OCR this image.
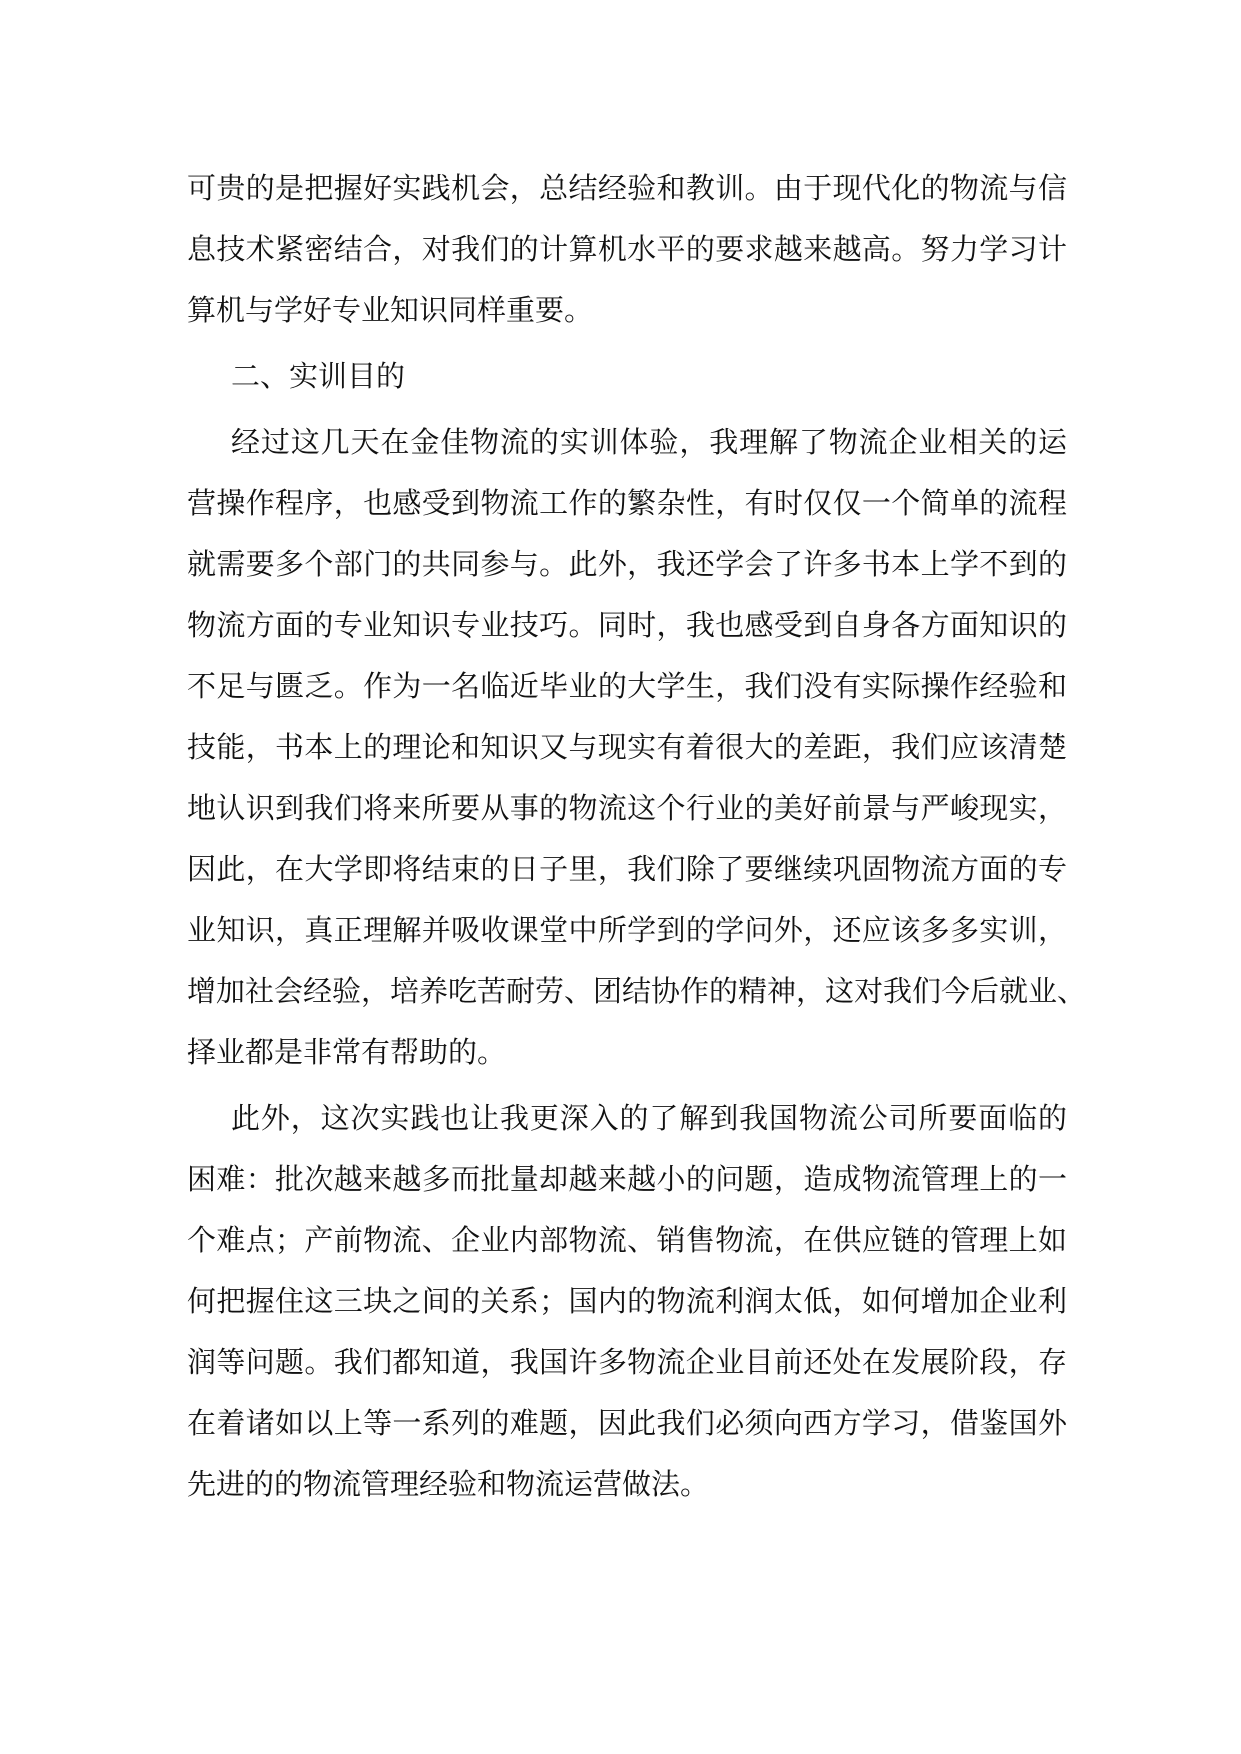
可贵的是把握好实践机会，总结经验和教训。由于现代化的物流与信
息技术紧密结合，对我们的计算机水平的要求越来越高。努力学习计
算机与学好专业知识同样重要。

二、实训目的

经过这几天在金佳物流的实训体验，我理解了物流企业相关的运
营操作程序，也感受到物流工作的繁杂性，有时仅仅一个简单的流程
就需要多个部门的共同参与。此外，我还学会了许多书本上学不到的
物流方面的专业知识专业技巧。同时，我也感受到自身各方面知识的
不足与匮乏。作为一名临近毕业的大学生，我们没有实际操作经验和
技能，书本上的理论和知识又与现实有着很大的差距，我们应该清楚
地认识到我们将来所要从事的物流这个行业的美好前景与严峻现实，
因此，在大学即将结束的日子里，我们除了要继续巩固物流方面的专
业知识，真正理解并吸收课堂中所学到的学问外，还应该多多实训，
增加社会经验，培养吃苦耐劳、团结协作的精神，这对我们今后就业、
择业都是非常有帮助的。

此外，这次实践也让我更深入的了解到我国物流公司所要面临的
困难：批次越来越多而批量却越来越小的问题，造成物流管理上的一
个难点；产前物流、企业内部物流、销售物流，在供应链的管理上如
何把握住这三块之间的关系；国内的物流利润太低，如何增加企业利
润等问题。我们都知道，我国许多物流企业目前还处在发展阶段，存
在着诸如以上等一系列的难题，因此我们必须向西方学习，借鉴国外
先进的的物流管理经验和物流运营做法。
